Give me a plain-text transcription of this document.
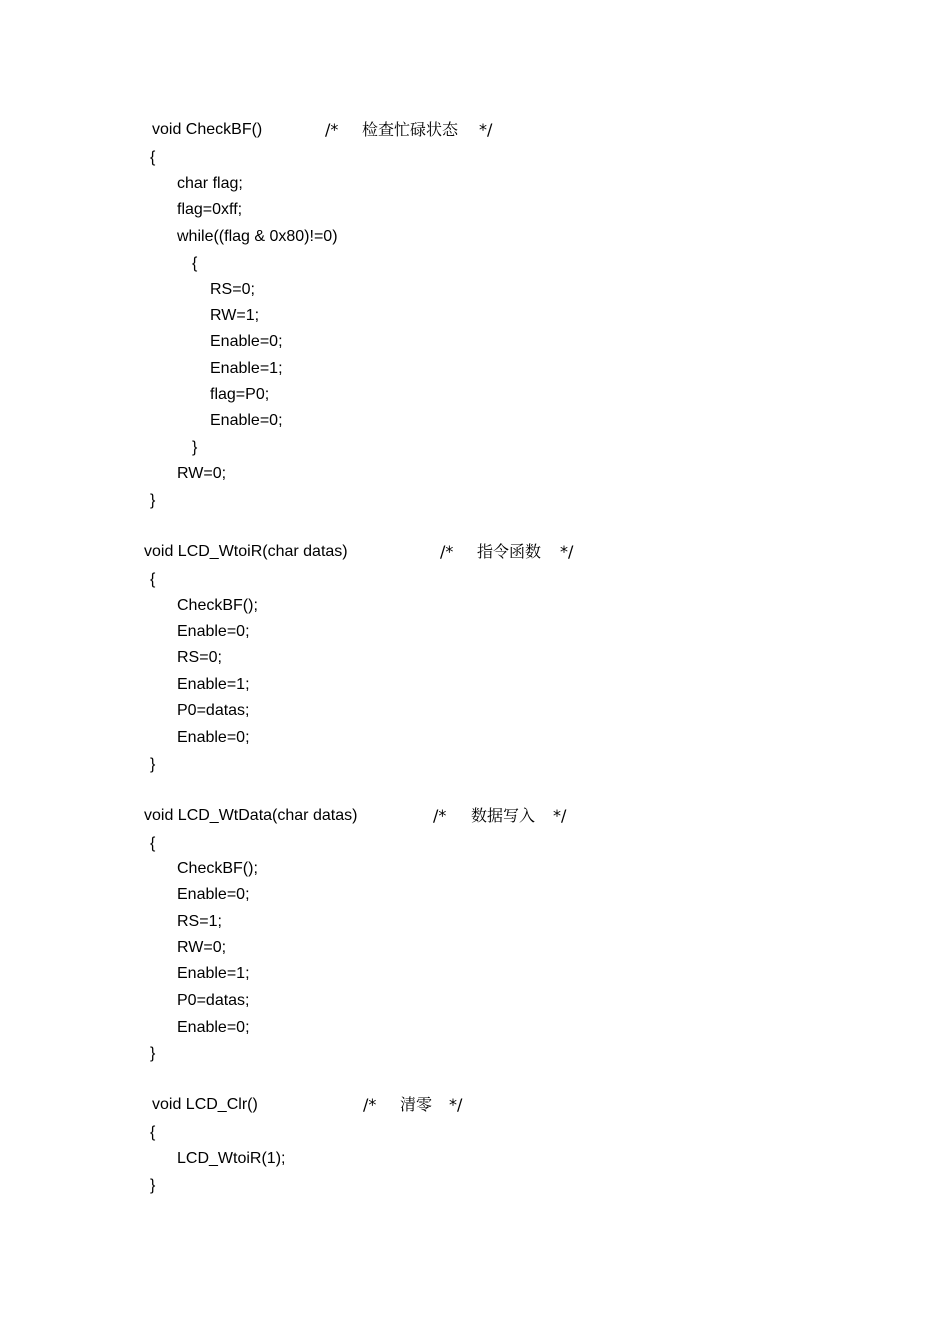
void CheckBF()	/* 检查忙碌状态 */
{
char flag;
flag=0xff;
while((flag & 0x80)!=0)
{
RS=0;
RW=1;
Enable=0;
Enable=1;
flag=P0;
Enable=0;
}
RW=0;
}
void LCD_WtoiR(char datas)	/* 指令函数 */
{
CheckBF();
Enable=0;
RS=0;
Enable=1;
P0=datas;
Enable=0;
}
void LCD_WtData(char datas)	/* 数据写入 */
{
CheckBF();
Enable=0;
RS=1;
RW=0;
Enable=1;
P0=datas;
Enable=0;
}
void LCD_Clr()	/* 清零 */
{
LCD_WtoiR(1);
}
